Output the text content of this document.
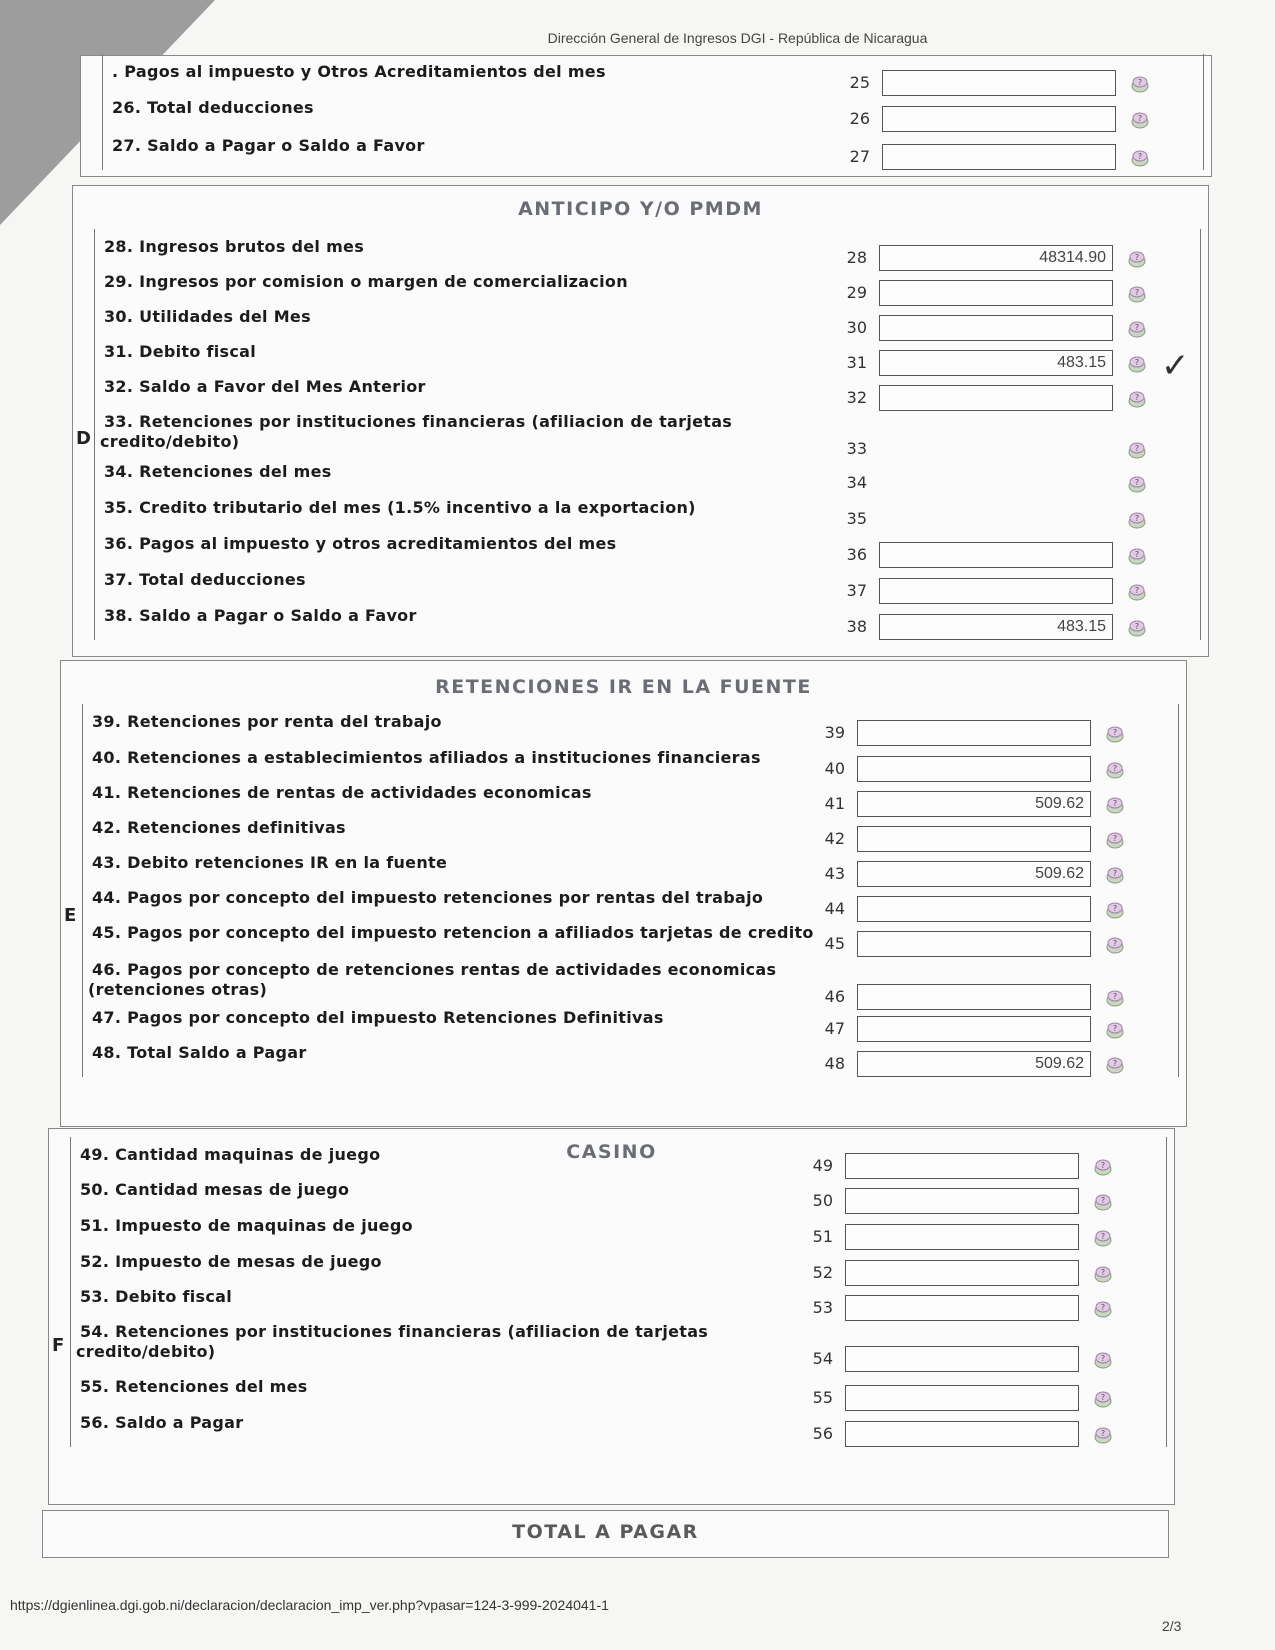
Dirección General de Ingresos DGI - República de Nicaragua
. Pagos al impuesto y Otros Acreditamientos del mes
25	?
26. Total deducciones
26	?
27. Saldo a Pagar o Saldo a Favor
27	?
ANTICIPO Y/O PMDM
D
28. Ingresos brutos del mes
28	48314.90	?
29. Ingresos por comision o margen de comercializacion
29	?
30. Utilidades del Mes
30	?
31. Debito fiscal
31	483.15	?
32. Saldo a Favor del Mes Anterior
32	?
33. Retenciones por instituciones financieras (afiliacion de tarjetas
credito/debito)	33	?
34. Retenciones del mes
34	?
35. Credito tributario del mes (1.5% incentivo a la exportacion)
35	?
36. Pagos al impuesto y otros acreditamientos del mes
36	?
37. Total deducciones
37	?
38. Saldo a Pagar o Saldo a Favor
38	483.15	?
RETENCIONES IR EN LA FUENTE
E
39. Retenciones por renta del trabajo
39	?
40. Retenciones a establecimientos afiliados a instituciones financieras
40	?
41. Retenciones de rentas de actividades economicas
41	509.62	?
42. Retenciones definitivas
42	?
43. Debito retenciones IR en la fuente
43	509.62	?
44. Pagos por concepto del impuesto retenciones por rentas del trabajo
44	?
45. Pagos por concepto del impuesto retencion a afiliados tarjetas de credito
45	?
46. Pagos por concepto de retenciones rentas de actividades economicas
(retenciones otras)	46	?
47. Pagos por concepto del impuesto Retenciones Definitivas
47	?
48. Total Saldo a Pagar
48	509.62	?
CASINO
F
49. Cantidad maquinas de juego
49	?
50. Cantidad mesas de juego
50	?
51. Impuesto de maquinas de juego
51	?
52. Impuesto de mesas de juego
52	?
53. Debito fiscal
53	?
54. Retenciones por instituciones financieras (afiliacion de tarjetas
credito/debito)	54	?
55. Retenciones del mes
55	?
56. Saldo a Pagar
56	?
TOTAL A PAGAR
✓
https://dgienlinea.dgi.gob.ni/declaracion/declaracion_imp_ver.php?vpasar=124-3-999-2024041-1
2/3
